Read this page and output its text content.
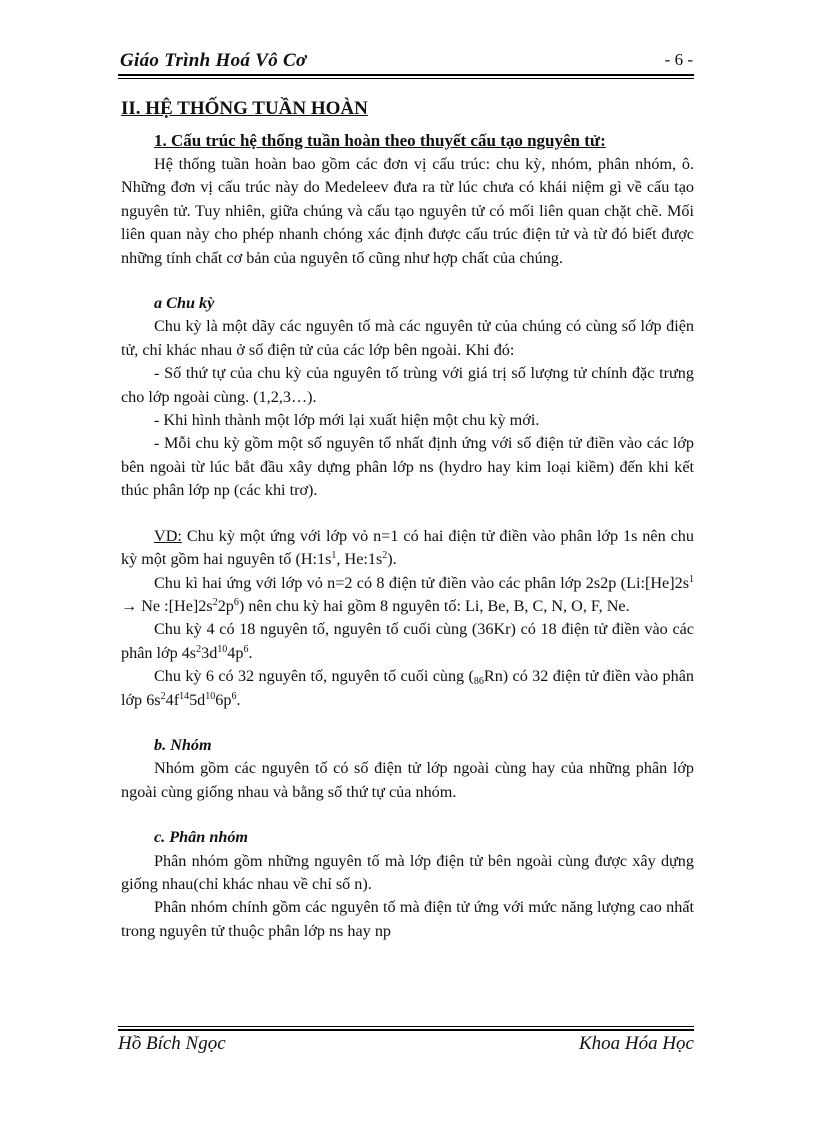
Giáo Trình Hoá Vô Cơ	- 6 -
II. HỆ THỐNG TUẦN HOÀN
1. Cấu trúc hệ thống tuần hoàn theo thuyết cấu tạo nguyên tử:

Hệ thống tuần hoàn bao gồm các đơn vị cấu trúc: chu kỳ, nhóm, phân nhóm, ô. Những đơn vị cấu trúc này do Medeleev đưa ra từ lúc chưa có khái niệm gì về cấu tạo nguyên tử. Tuy nhiên, giữa chúng và cấu tạo nguyên tử có mối liên quan chặt chẽ. Mối liên quan này cho phép nhanh chóng xác định được cấu trúc điện tử và từ đó biết được những tính chất cơ bản của nguyên tố cũng như hợp chất của chúng.

a Chu kỳ

Chu kỳ là một dãy các nguyên tố mà các nguyên tử của chúng có cùng số lớp điện tử, chỉ khác nhau ở số điện tử của các lớp bên ngoài. Khi đó:

- Số thứ tự của chu kỳ của nguyên tố trùng với giá trị số lượng tử chính đặc trưng cho lớp ngoài cùng. (1,2,3…).

- Khi hình thành một lớp mới lại xuất hiện một chu kỳ mới.

- Mỗi chu kỳ gồm một số nguyên tố nhất định ứng với số điện tử điền vào các lớp bên ngoài từ lúc bắt đầu xây dựng phân lớp ns (hydro hay kim loại kiềm) đến khi kết thúc phân lớp np (các khi trơ).

VD: Chu kỳ một ứng với lớp vỏ n=1 có hai điện tử điền vào phân lớp 1s nên chu kỳ một gồm hai nguyên tố ($H:1s^1$, $He:1s^2$).

Chu kì hai ứng với lớp vỏ n=2 có 8 điện tử điền vào các phân lớp 2s2p ($Li:[He]2s^1 \to Ne$ $:[He]2s^22p^6$) nên chu kỳ hai gồm 8 nguyên tố: Li, Be, B, C, N, O, F, Ne.

Chu kỳ 4 có 18 nguyên tố, nguyên tố cuối cùng (36Kr) có 18 điện tử điền vào các phân lớp $4s^23d^{10}4p^6$.

Chu kỳ 6 có 32 nguyên tố, nguyên tố cuối cùng $(_{86}Rn)$ có 32 điện tử điền vào phân lớp $6s^24f^{14}5d^{10}6p^6$.

b. Nhóm

Nhóm gồm các nguyên tố có số điện tử lớp ngoài cùng hay của những phân lớp ngoài cùng giống nhau và bằng số thứ tự của nhóm.

c. Phân nhóm

Phân nhóm gồm những nguyên tố mà lớp điện tử bên ngoài cùng được xây dựng giống nhau(chỉ khác nhau về chỉ số n).

Phân nhóm chính gồm các nguyên tố mà điện tử ứng với mức năng lượng cao nhất trong nguyên tử thuộc phân lớp ns hay np

Hồ Bích Ngọc	Khoa Hóa Học
